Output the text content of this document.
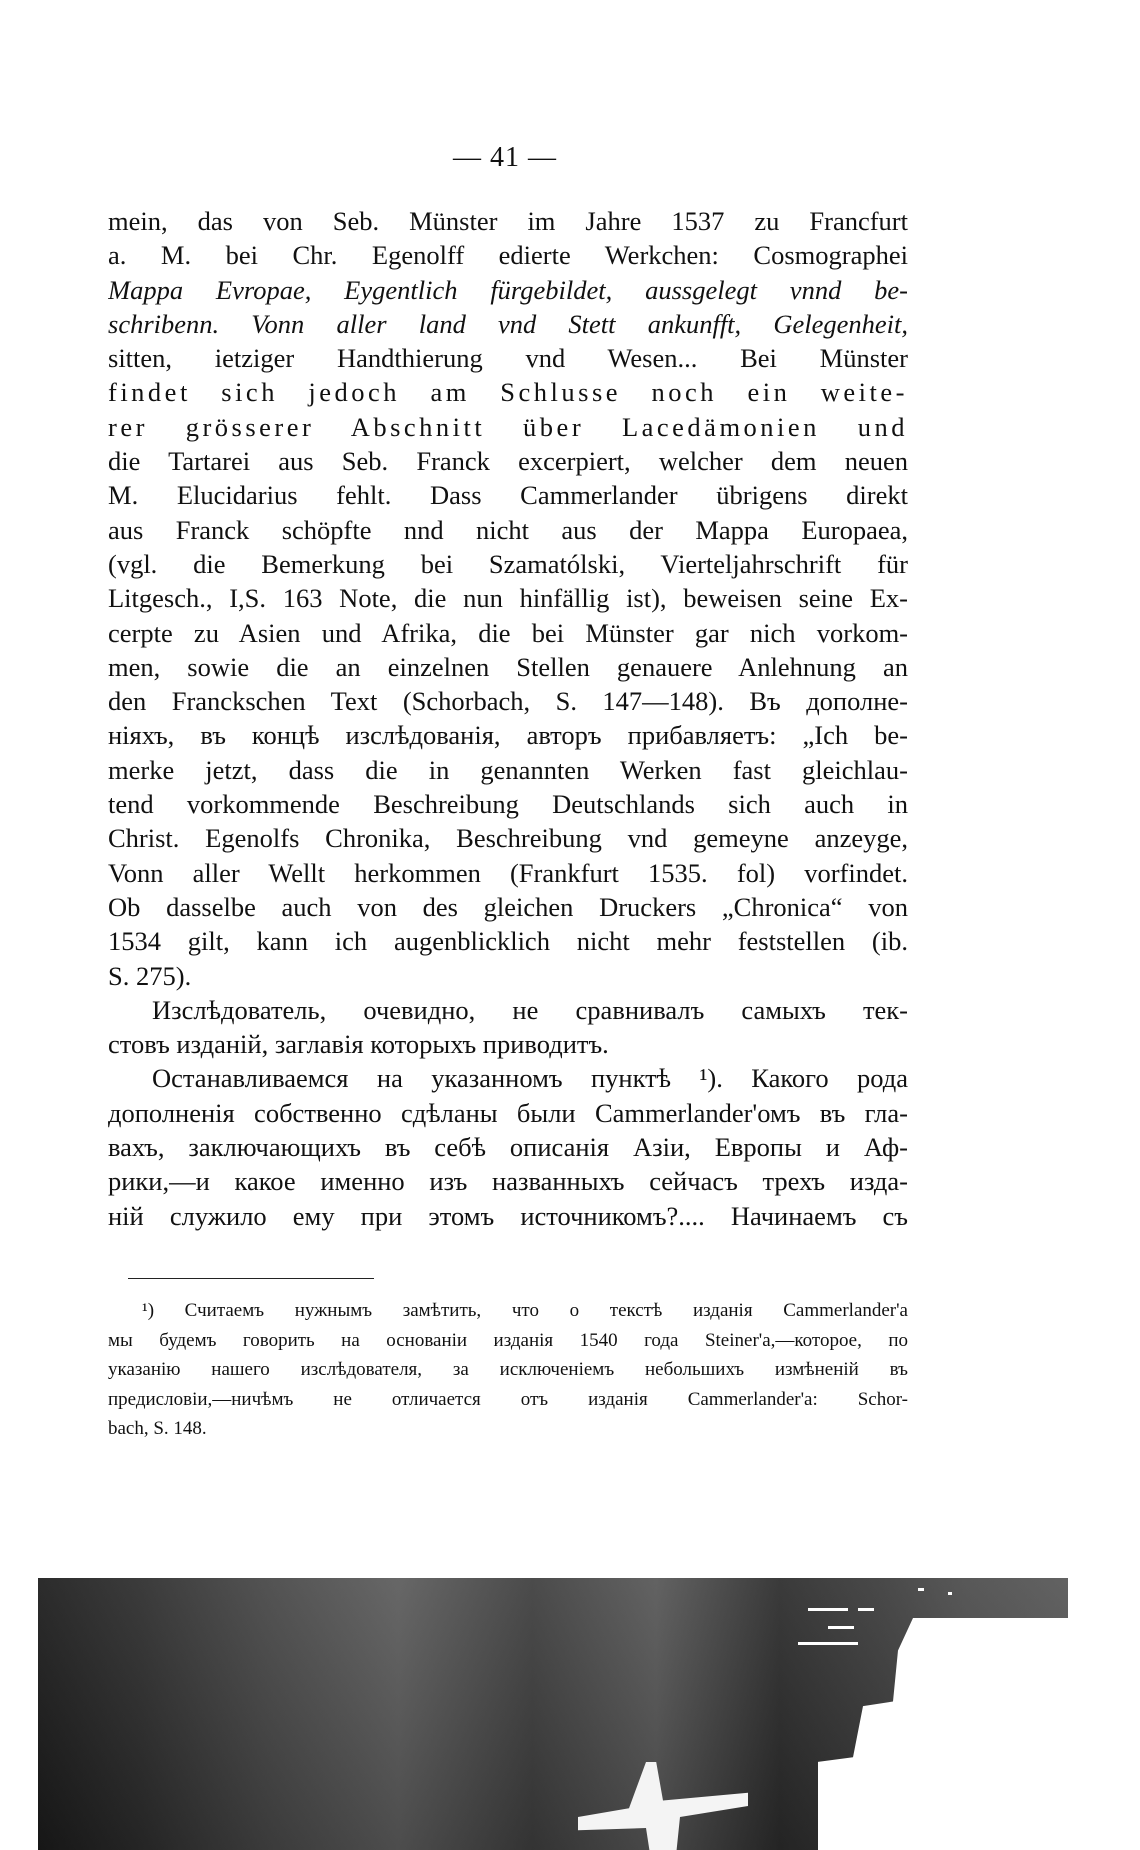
— 41 —
mein, das von Seb. Münster im Jahre 1537 zu Francfurt
a. M. bei Chr. Egenolff edierte Werkchen: Cosmographei
Mappa Evropae, Eygentlich fürgebildet, aussgelegt vnnd be-
schribenn. Vonn aller land vnd Stett ankunfft, Gelegenheit,
sitten, ietziger Handthierung vnd Wesen... Bei Münster
findet sich jedoch am Schlusse noch ein weite-
rer grösserer Abschnitt über Lacedämonien und
die Tartarei aus Seb. Franck excerpiert, welcher dem neuen
M. Elucidarius fehlt. Dass Cammerlander übrigens direkt
aus Franck schöpfte nnd nicht aus der Mappa Europaea,
(vgl. die Bemerkung bei Szamatólski, Vierteljahrschrift für
Litgesch., I,S. 163 Note, die nun hinfällig ist), beweisen seine Ex-
cerpte zu Asien und Afrika, die bei Münster gar nich vorkom-
men, sowie die an einzelnen Stellen genauere Anlehnung an
den Franckschen Text (Schorbach, S. 147—148). Въ дополне-
ніяхъ, въ концѣ изслѣдованія, авторъ прибавляетъ: „Ich be-
merke jetzt, dass die in genannten Werken fast gleichlau-
tend vorkommende Beschreibung Deutschlands sich auch in
Christ. Egenolfs Chronika, Beschreibung vnd gemeyne anzeyge,
Vonn aller Wellt herkommen (Frankfurt 1535. fol) vorfindet.
Ob dasselbe auch von des gleichen Druckers „Chronica“ von
1534 gilt, kann ich augenblicklich nicht mehr feststellen (ib.
S. 275).
Изслѣдователь, очевидно, не сравнивалъ самыхъ тек-
стовъ изданій, заглавія которыхъ приводитъ.
Останавливаемся на указанномъ пунктѣ ¹). Какого рода
дополненія собственно сдѣланы были Cammerlander'омъ въ гла-
вахъ, заключающихъ въ себѣ описанія Азіи, Европы и Аф-
рики,—и какое именно изъ названныхъ сейчасъ трехъ изда-
ній служило ему при этомъ источникомъ?.... Начинаемъ съ
¹) Считаемъ нужнымъ замѣтить, что о текстѣ изданія Cammerlander'а
мы будемъ говорить на основаніи изданія 1540 года Steiner'а,—которое, по
указанію нашего изслѣдователя, за исключеніемъ небольшихъ измѣненій въ
предисловіи,—ничѣмъ не отличается отъ изданія Cammerlander'а: Schor-
bach, S. 148.
